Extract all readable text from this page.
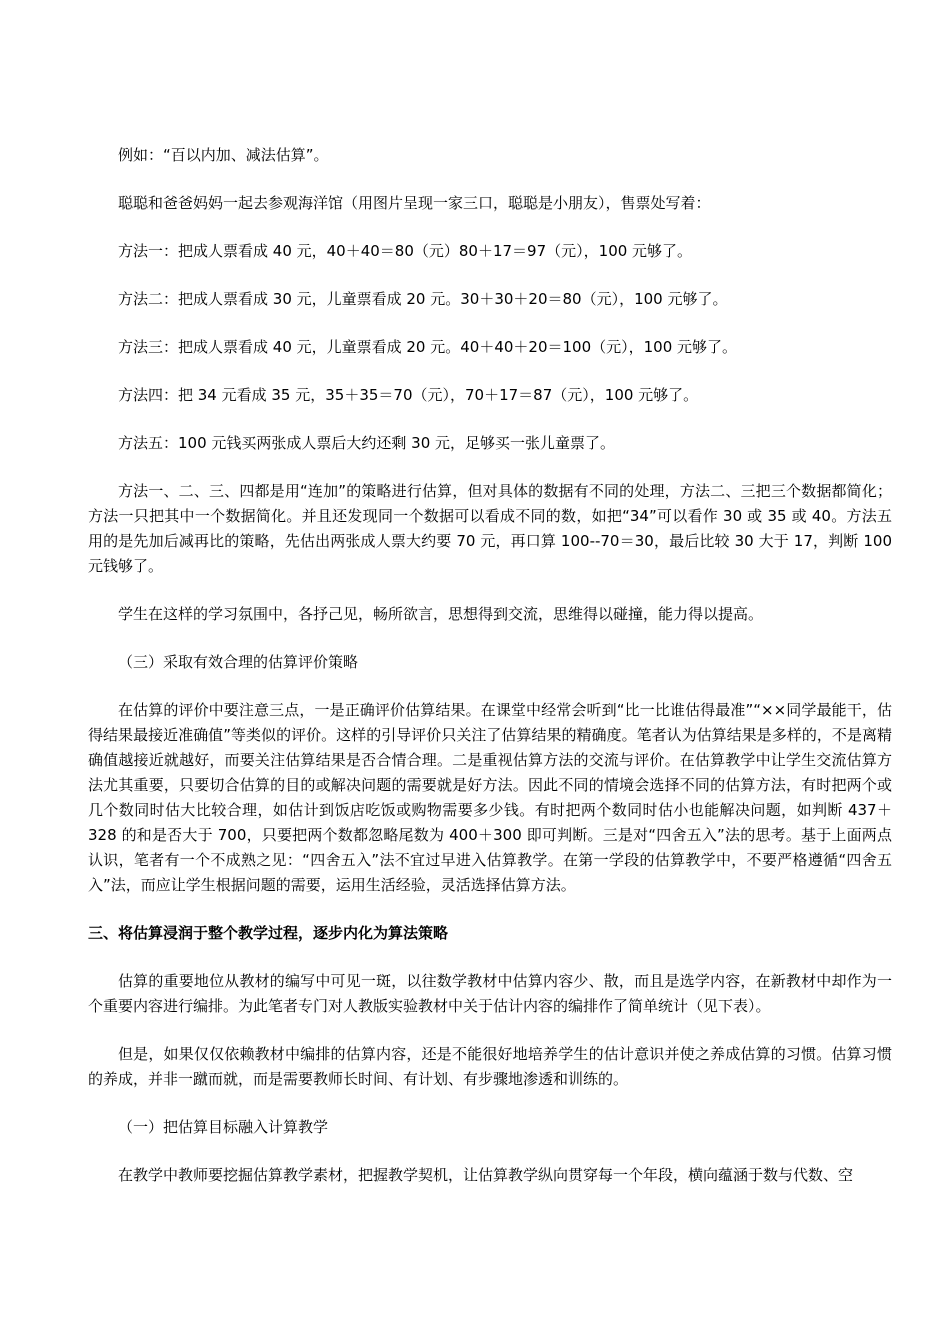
例如：“百以内加、减法估算”。

聪聪和爸爸妈妈一起去参观海洋馆（用图片呈现一家三口，聪聪是小朋友），售票处写着：

方法一：把成人票看成 40 元，40＋40＝80（元）80＋17＝97（元），100 元够了。

方法二：把成人票看成 30 元，儿童票看成 20 元。30＋30＋20＝80（元），100 元够了。

方法三：把成人票看成 40 元，儿童票看成 20 元。40＋40＋20＝100（元），100 元够了。

方法四：把 34 元看成 35 元，35＋35＝70（元），70＋17＝87（元），100 元够了。

方法五：100 元钱买两张成人票后大约还剩 30 元，足够买一张儿童票了。

方法一、二、三、四都是用“连加”的策略进行估算，但对具体的数据有不同的处理，方法二、三把三个数据都简化；方法一只把其中一个数据简化。并且还发现同一个数据可以看成不同的数，如把“34”可以看作 30 或 35 或 40。方法五用的是先加后减再比的策略，先估出两张成人票大约要 70 元，再口算 100--70＝30，最后比较 30 大于 17，判断 100 元钱够了。

学生在这样的学习氛围中，各抒己见，畅所欲言，思想得到交流，思维得以碰撞，能力得以提高。

（三）采取有效合理的估算评价策略

在估算的评价中要注意三点，一是正确评价估算结果。在课堂中经常会听到“比一比谁估得最准”“××同学最能干，估得结果最接近准确值”等类似的评价。这样的引导评价只关注了估算结果的精确度。笔者认为估算结果是多样的，不是离精确值越接近就越好，而要关注估算结果是否合情合理。二是重视估算方法的交流与评价。在估算教学中让学生交流估算方法尤其重要，只要切合估算的目的或解决问题的需要就是好方法。因此不同的情境会选择不同的估算方法，有时把两个或几个数同时估大比较合理，如估计到饭店吃饭或购物需要多少钱。有时把两个数同时估小也能解决问题，如判断 437＋328 的和是否大于 700，只要把两个数都忽略尾数为 400＋300 即可判断。三是对“四舍五入”法的思考。基于上面两点认识，笔者有一个不成熟之见：“四舍五入”法不宜过早进入估算教学。在第一学段的估算教学中，不要严格遵循“四舍五入”法，而应让学生根据问题的需要，运用生活经验，灵活选择估算方法。

三、将估算浸润于整个教学过程，逐步内化为算法策略

估算的重要地位从教材的编写中可见一斑，以往数学教材中估算内容少、散，而且是选学内容，在新教材中却作为一个重要内容进行编排。为此笔者专门对人教版实验教材中关于估计内容的编排作了简单统计（见下表）。

但是，如果仅仅依赖教材中编排的估算内容，还是不能很好地培养学生的估计意识并使之养成估算的习惯。估算习惯的养成，并非一蹴而就，而是需要教师长时间、有计划、有步骤地渗透和训练的。

（一）把估算目标融入计算教学

在教学中教师要挖掘估算教学素材，把握教学契机，让估算教学纵向贯穿每一个年段，横向蕴涵于数与代数、空
